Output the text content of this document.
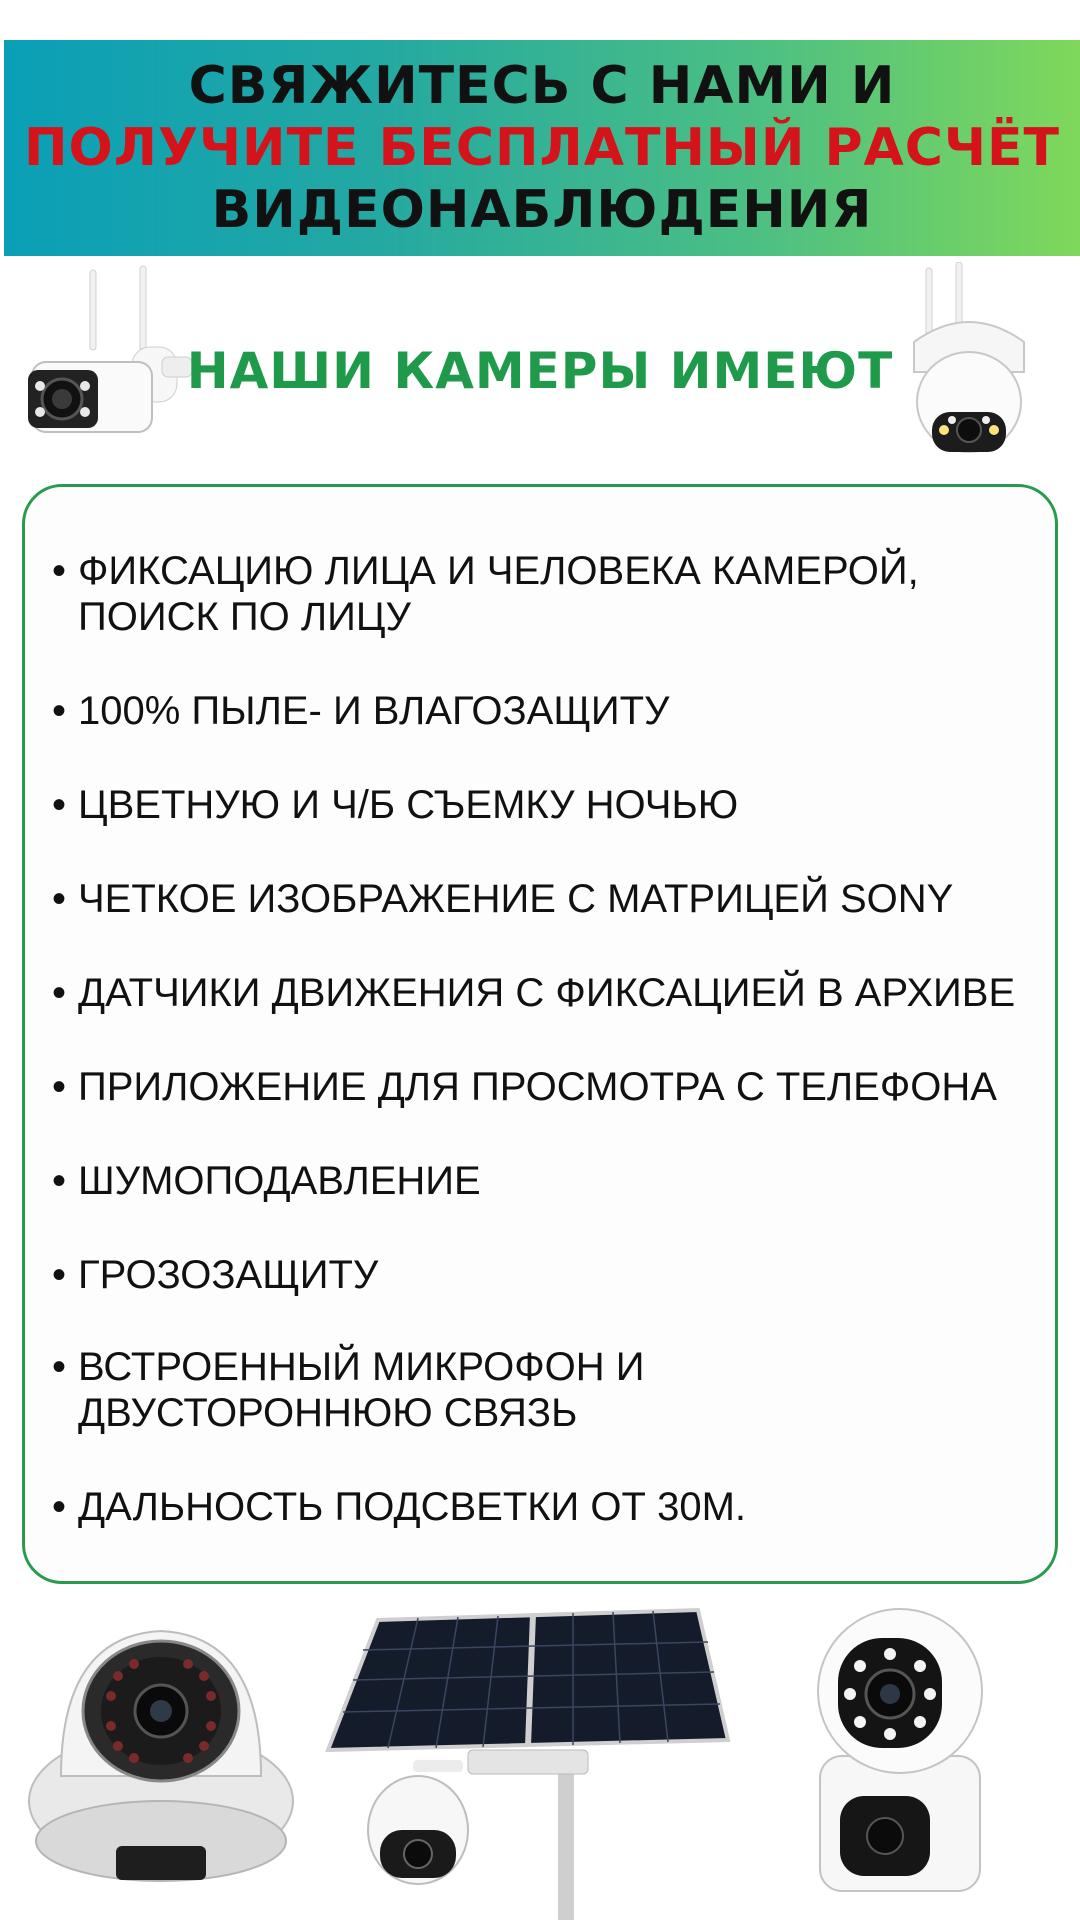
СВЯЖИТЕСЬ С НАМИ И
ПОЛУЧИТЕ БЕСПЛАТНЫЙ РАСЧЁТ
ВИДЕОНАБЛЮДЕНИЯ
НАШИ КАМЕРЫ ИМЕЮТ
• ФИКСАЦИЮ ЛИЦА И ЧЕЛОВЕКА КАМЕРОЙ,
ПОИСК ПО ЛИЦУ
• 100% ПЫЛЕ- И ВЛАГОЗАЩИТУ
• ЦВЕТНУЮ И Ч/Б СЪЕМКУ НОЧЬЮ
• ЧЕТКОЕ ИЗОБРАЖЕНИЕ С МАТРИЦЕЙ SONY
• ДАТЧИКИ ДВИЖЕНИЯ С ФИКСАЦИЕЙ В АРХИВЕ
• ПРИЛОЖЕНИЕ ДЛЯ ПРОСМОТРА С ТЕЛЕФОНА
• ШУМОПОДАВЛЕНИЕ
• ГРОЗОЗАЩИТУ
• ВСТРОЕННЫЙ МИКРОФОН И
ДВУСТОРОННЮЮ СВЯЗЬ
• ДАЛЬНОСТЬ ПОДСВЕТКИ ОТ 30М.
